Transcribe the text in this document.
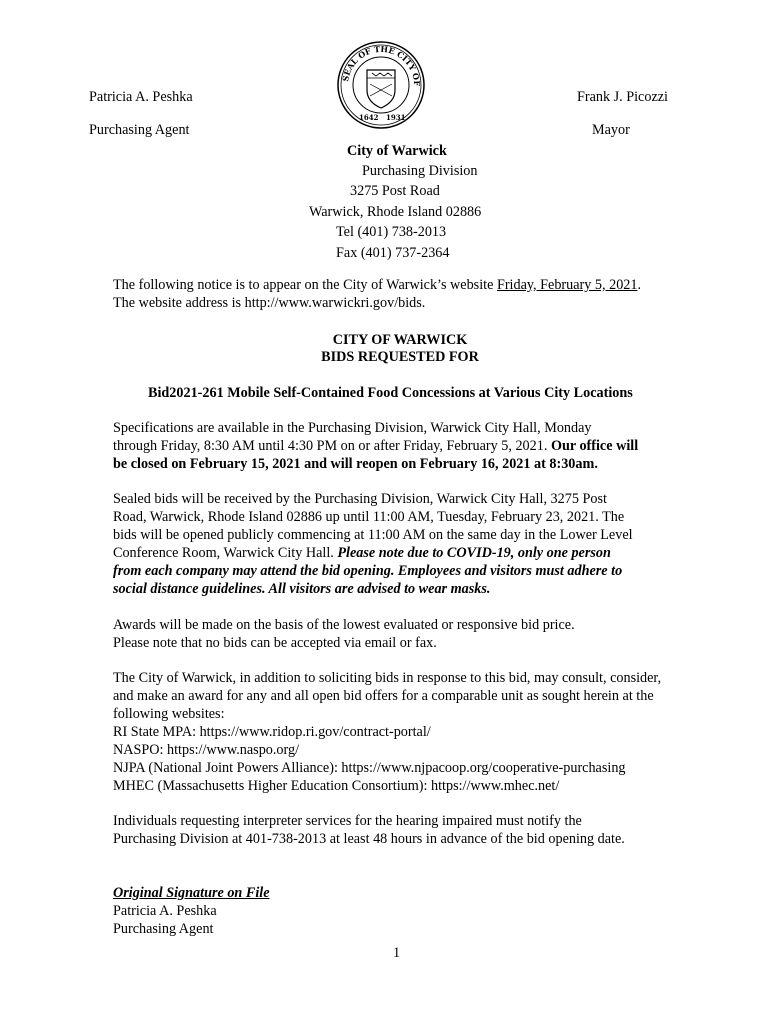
Patricia A. Peshka
Purchasing Agent
Frank J. Picozzi
Mayor
SEAL OF THE CITY OF
1642 1931
City of Warwick
Purchasing Division
3275 Post Road
Warwick, Rhode Island 02886
Tel (401) 738-2013
Fax (401) 737-2364
The following notice is to appear on the City of Warwick’s website Friday, February 5, 2021.
The website address is http://www.warwickri.gov/bids.
CITY OF WARWICK
BIDS REQUESTED FOR
Bid2021-261 Mobile Self-Contained Food Concessions at Various City Locations
Specifications are available in the Purchasing Division, Warwick City Hall, Monday
through Friday, 8:30 AM until 4:30 PM on or after Friday, February 5, 2021. Our office will
be closed on February 15, 2021 and will reopen on February 16, 2021 at 8:30am.
Sealed bids will be received by the Purchasing Division, Warwick City Hall, 3275 Post
Road, Warwick, Rhode Island 02886 up until 11:00 AM, Tuesday, February 23, 2021. The
bids will be opened publicly commencing at 11:00 AM on the same day in the Lower Level
Conference Room, Warwick City Hall. Please note due to COVID-19, only one person
from each company may attend the bid opening. Employees and visitors must adhere to
social distance guidelines. All visitors are advised to wear masks.
Awards will be made on the basis of the lowest evaluated or responsive bid price.
Please note that no bids can be accepted via email or fax.
The City of Warwick, in addition to soliciting bids in response to this bid, may consult, consider,
and make an award for any and all open bid offers for a comparable unit as sought herein at the
following websites:
RI State MPA: https://www.ridop.ri.gov/contract-portal/
NASPO: https://www.naspo.org/
NJPA (National Joint Powers Alliance): https://www.njpacoop.org/cooperative-purchasing
MHEC (Massachusetts Higher Education Consortium): https://www.mhec.net/
Individuals requesting interpreter services for the hearing impaired must notify the
Purchasing Division at 401-738-2013 at least 48 hours in advance of the bid opening date.
Original Signature on File
Patricia A. Peshka
Purchasing Agent
1
